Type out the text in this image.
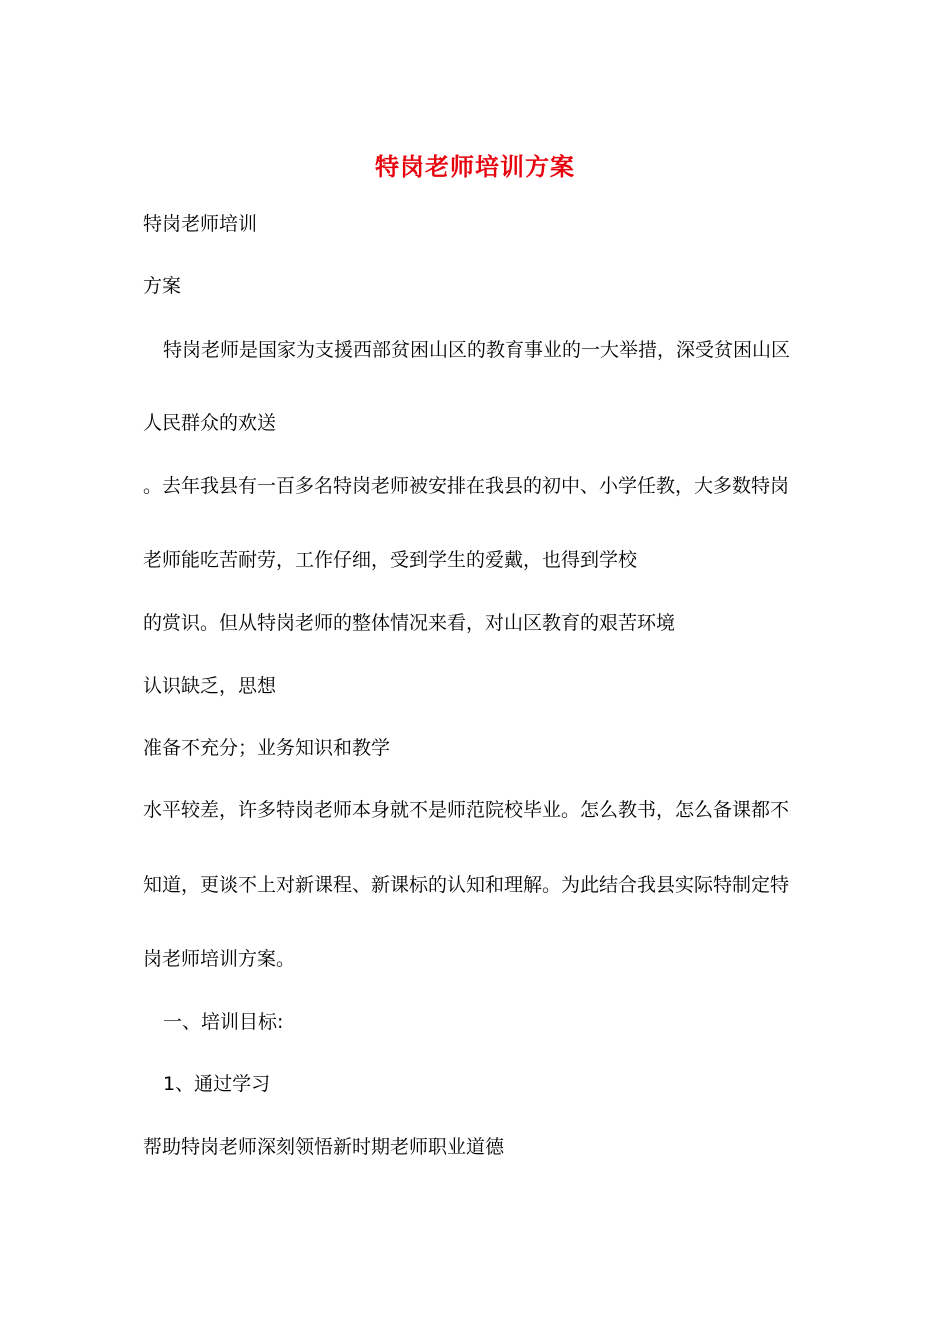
特岗老师培训方案
特岗老师培训
方案
特岗老师是国家为支援西部贫困山区的教育事业的一大举措，深受贫困山区
人民群众的欢送
。去年我县有一百多名特岗老师被安排在我县的初中、小学任教，大多数特岗
老师能吃苦耐劳，工作仔细，受到学生的爱戴，也得到学校
的赏识。但从特岗老师的整体情况来看，对山区教育的艰苦环境
认识缺乏，思想
准备不充分；业务知识和教学
水平较差，许多特岗老师本身就不是师范院校毕业。怎么教书，怎么备课都不
知道，更谈不上对新课程、新课标的认知和理解。为此结合我县实际特制定特
岗老师培训方案。
一、培训目标:
1、通过学习
帮助特岗老师深刻领悟新时期老师职业道德
